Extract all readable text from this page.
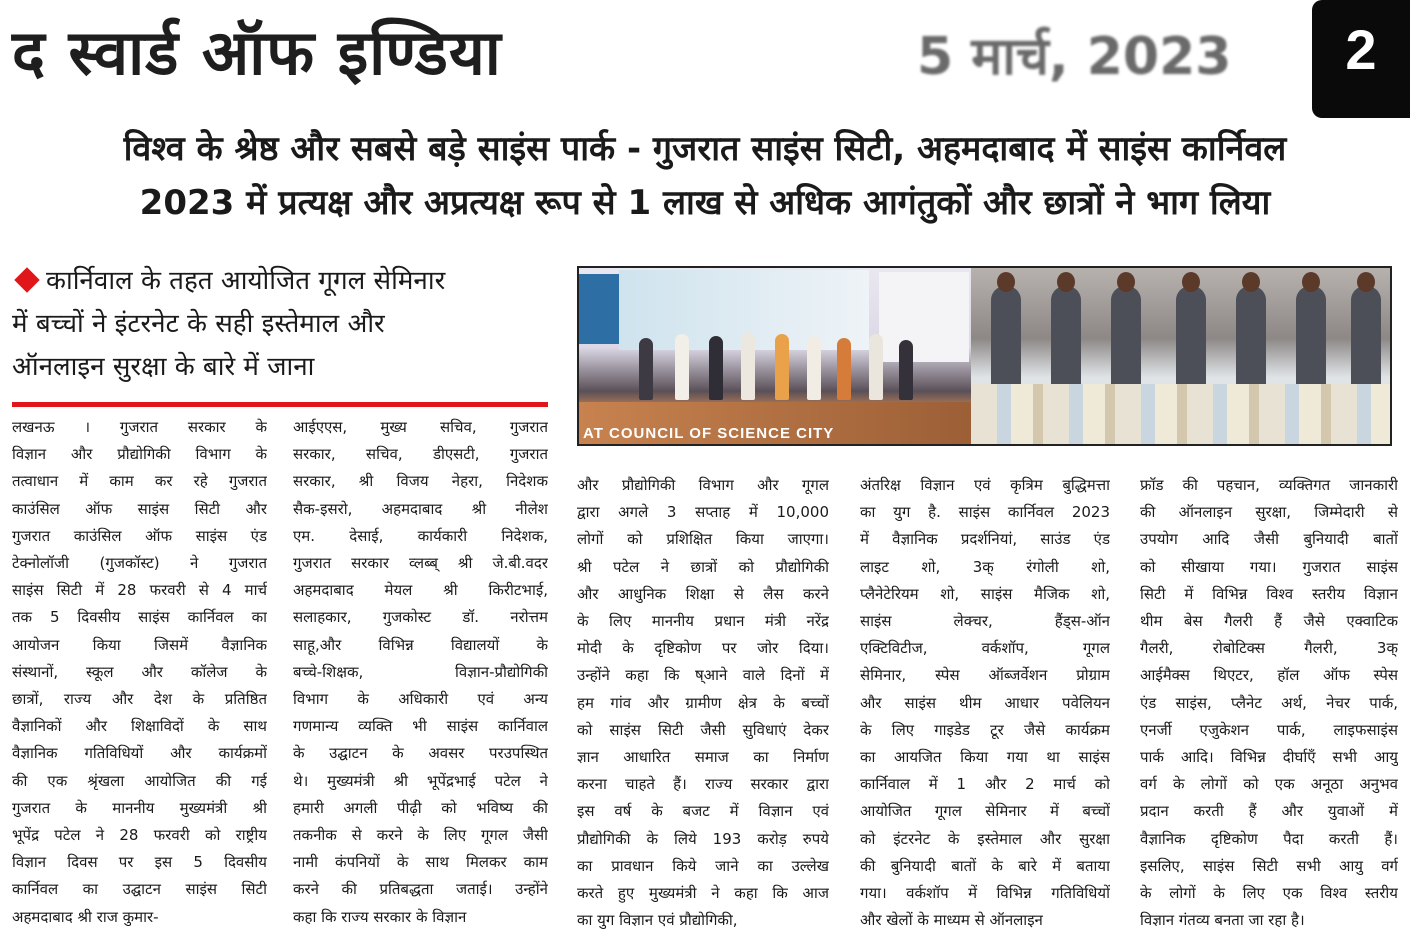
द स्वार्ड ऑफ इण्डिया	5 मार्च, 2023	2
विश्व के श्रेष्ठ और सबसे बड़े साइंस पार्क - गुजरात साइंस सिटी, अहमदाबाद में साइंस कार्निवल
2023 में प्रत्यक्ष और अप्रत्यक्ष रूप से 1 लाख से अधिक आगंतुकों और छात्रों ने भाग लिया
कार्निवाल के तहत आयोजित गूगल सेमिनार
में बच्चों ने इंटरनेट के सही इस्तेमाल और
ऑनलाइन सुरक्षा के बारे में जाना
AT COUNCIL OF SCIENCE CITY
लखनऊ । गुजरात सरकार के
विज्ञान और प्रौद्योगिकी विभाग के
तत्वाधान में काम कर रहे गुजरात
काउंसिल ऑफ साइंस सिटी और
गुजरात काउंसिल ऑफ साइंस एंड
टेक्नोलॉजी (गुजकॉस्ट) ने गुजरात
साइंस सिटी में 28 फरवरी से 4 मार्च
तक 5 दिवसीय साइंस कार्निवल का
आयोजन किया जिसमें वैज्ञानिक
संस्थानों, स्कूल और कॉलेज के
छात्रों, राज्य और देश के प्रतिष्ठित
वैज्ञानिकों और शिक्षाविदों के साथ
वैज्ञानिक गतिविधियों और कार्यक्रमों
की एक श्रृंखला आयोजित की गई
गुजरात के माननीय मुख्यमंत्री श्री
भूपेंद्र पटेल ने 28 फरवरी को राष्ट्रीय
विज्ञान दिवस पर इस 5 दिवसीय
कार्निवल का उद्घाटन साइंस सिटी
अहमदाबाद श्री राज कुमार-
आईएएस, मुख्य सचिव, गुजरात
सरकार, सचिव, डीएसटी, गुजरात
सरकार, श्री विजय नेहरा, निदेशक
सैक-इसरो, अहमदाबाद श्री नीलेश
एम. देसाई, कार्यकारी निदेशक,
गुजरात सरकार व्लब्ब् श्री जे.बी.वदर
अहमदाबाद मेयल श्री किरीटभाई,
सलाहकार, गुजकोस्ट डॉ. नरोत्तम
साहू,और विभिन्न विद्यालयों के
बच्चे-शिक्षक, विज्ञान-प्रौद्योगिकी
विभाग के अधिकारी एवं अन्य
गणमान्य व्यक्ति भी साइंस कार्निवाल
के उद्घाटन के अवसर परउपस्थित
थे। मुख्यमंत्री श्री भूपेंद्रभाई पटेल ने
हमारी अगली पीढ़ी को भविष्य की
तकनीक से करने के लिए गूगल जैसी
नामी कंपनियों के साथ मिलकर काम
करने की प्रतिबद्धता जताई। उन्होंने
कहा कि राज्य सरकार के विज्ञान
और प्रौद्योगिकी विभाग और गूगल
द्वारा अगले 3 सप्ताह में 10,000
लोगों को प्रशिक्षित किया जाएगा।
श्री पटेल ने छात्रों को प्रौद्योगिकी
और आधुनिक शिक्षा से लैस करने
के लिए माननीय प्रधान मंत्री नरेंद्र
मोदी के दृष्टिकोण पर जोर दिया।
उन्होंने कहा कि ष्आने वाले दिनों में
हम गांव और ग्रामीण क्षेत्र के बच्चों
को साइंस सिटी जैसी सुविधाएं देकर
ज्ञान आधारित समाज का निर्माण
करना चाहते हैं। राज्य सरकार द्वारा
इस वर्ष के बजट में विज्ञान एवं
प्रौद्योगिकी के लिये 193 करोड़ रुपये
का प्रावधान किये जाने का उल्लेख
करते हुए मुख्यमंत्री ने कहा कि आज
का युग विज्ञान एवं प्रौद्योगिकी,
अंतरिक्ष विज्ञान एवं कृत्रिम बुद्धिमत्ता
का युग है. साइंस कार्निवल 2023
में वैज्ञानिक प्रदर्शनियां, साउंड एंड
लाइट शो, 3क् रंगोली शो,
प्लैनेटेरियम शो, साइंस मैजिक शो,
साइंस लेक्चर, हैंड्स-ऑन
एक्टिविटीज, वर्कशॉप, गूगल
सेमिनार, स्पेस ऑब्जर्वेशन प्रोग्राम
और साइंस थीम आधार पवेलियन
के लिए गाइडेड टूर जैसे कार्यक्रम
का आयजित किया गया था साइंस
कार्निवाल में 1 और 2 मार्च को
आयोजित गूगल सेमिनार में बच्चों
को इंटरनेट के इस्तेमाल और सुरक्षा
की बुनियादी बातों के बारे में बताया
गया। वर्कशॉप में विभिन्न गतिविधियों
और खेलों के माध्यम से ऑनलाइन
फ्रॉड की पहचान, व्यक्तिगत जानकारी
की ऑनलाइन सुरक्षा, जिम्मेदारी से
उपयोग आदि जैसी बुनियादी बातों
को सीखाया गया। गुजरात साइंस
सिटी में विभिन्न विश्व स्तरीय विज्ञान
थीम बेस गैलरी हैं जैसे एक्वाटिक
गैलरी, रोबोटिक्स गैलरी, 3क्
आईमैक्स थिएटर, हॉल ऑफ स्पेस
एंड साइंस, प्लैनेट अर्थ, नेचर पार्क,
एनर्जी एजुकेशन पार्क, लाइफसाइंस
पार्क आदि। विभिन्न दीर्घाएँ सभी आयु
वर्ग के लोगों को एक अनूठा अनुभव
प्रदान करती हैं और युवाओं में
वैज्ञानिक दृष्टिकोण पैदा करती हैं।
इसलिए, साइंस सिटी सभी आयु वर्ग
के लोगों के लिए एक विश्व स्तरीय
विज्ञान गंतव्य बनता जा रहा है।
